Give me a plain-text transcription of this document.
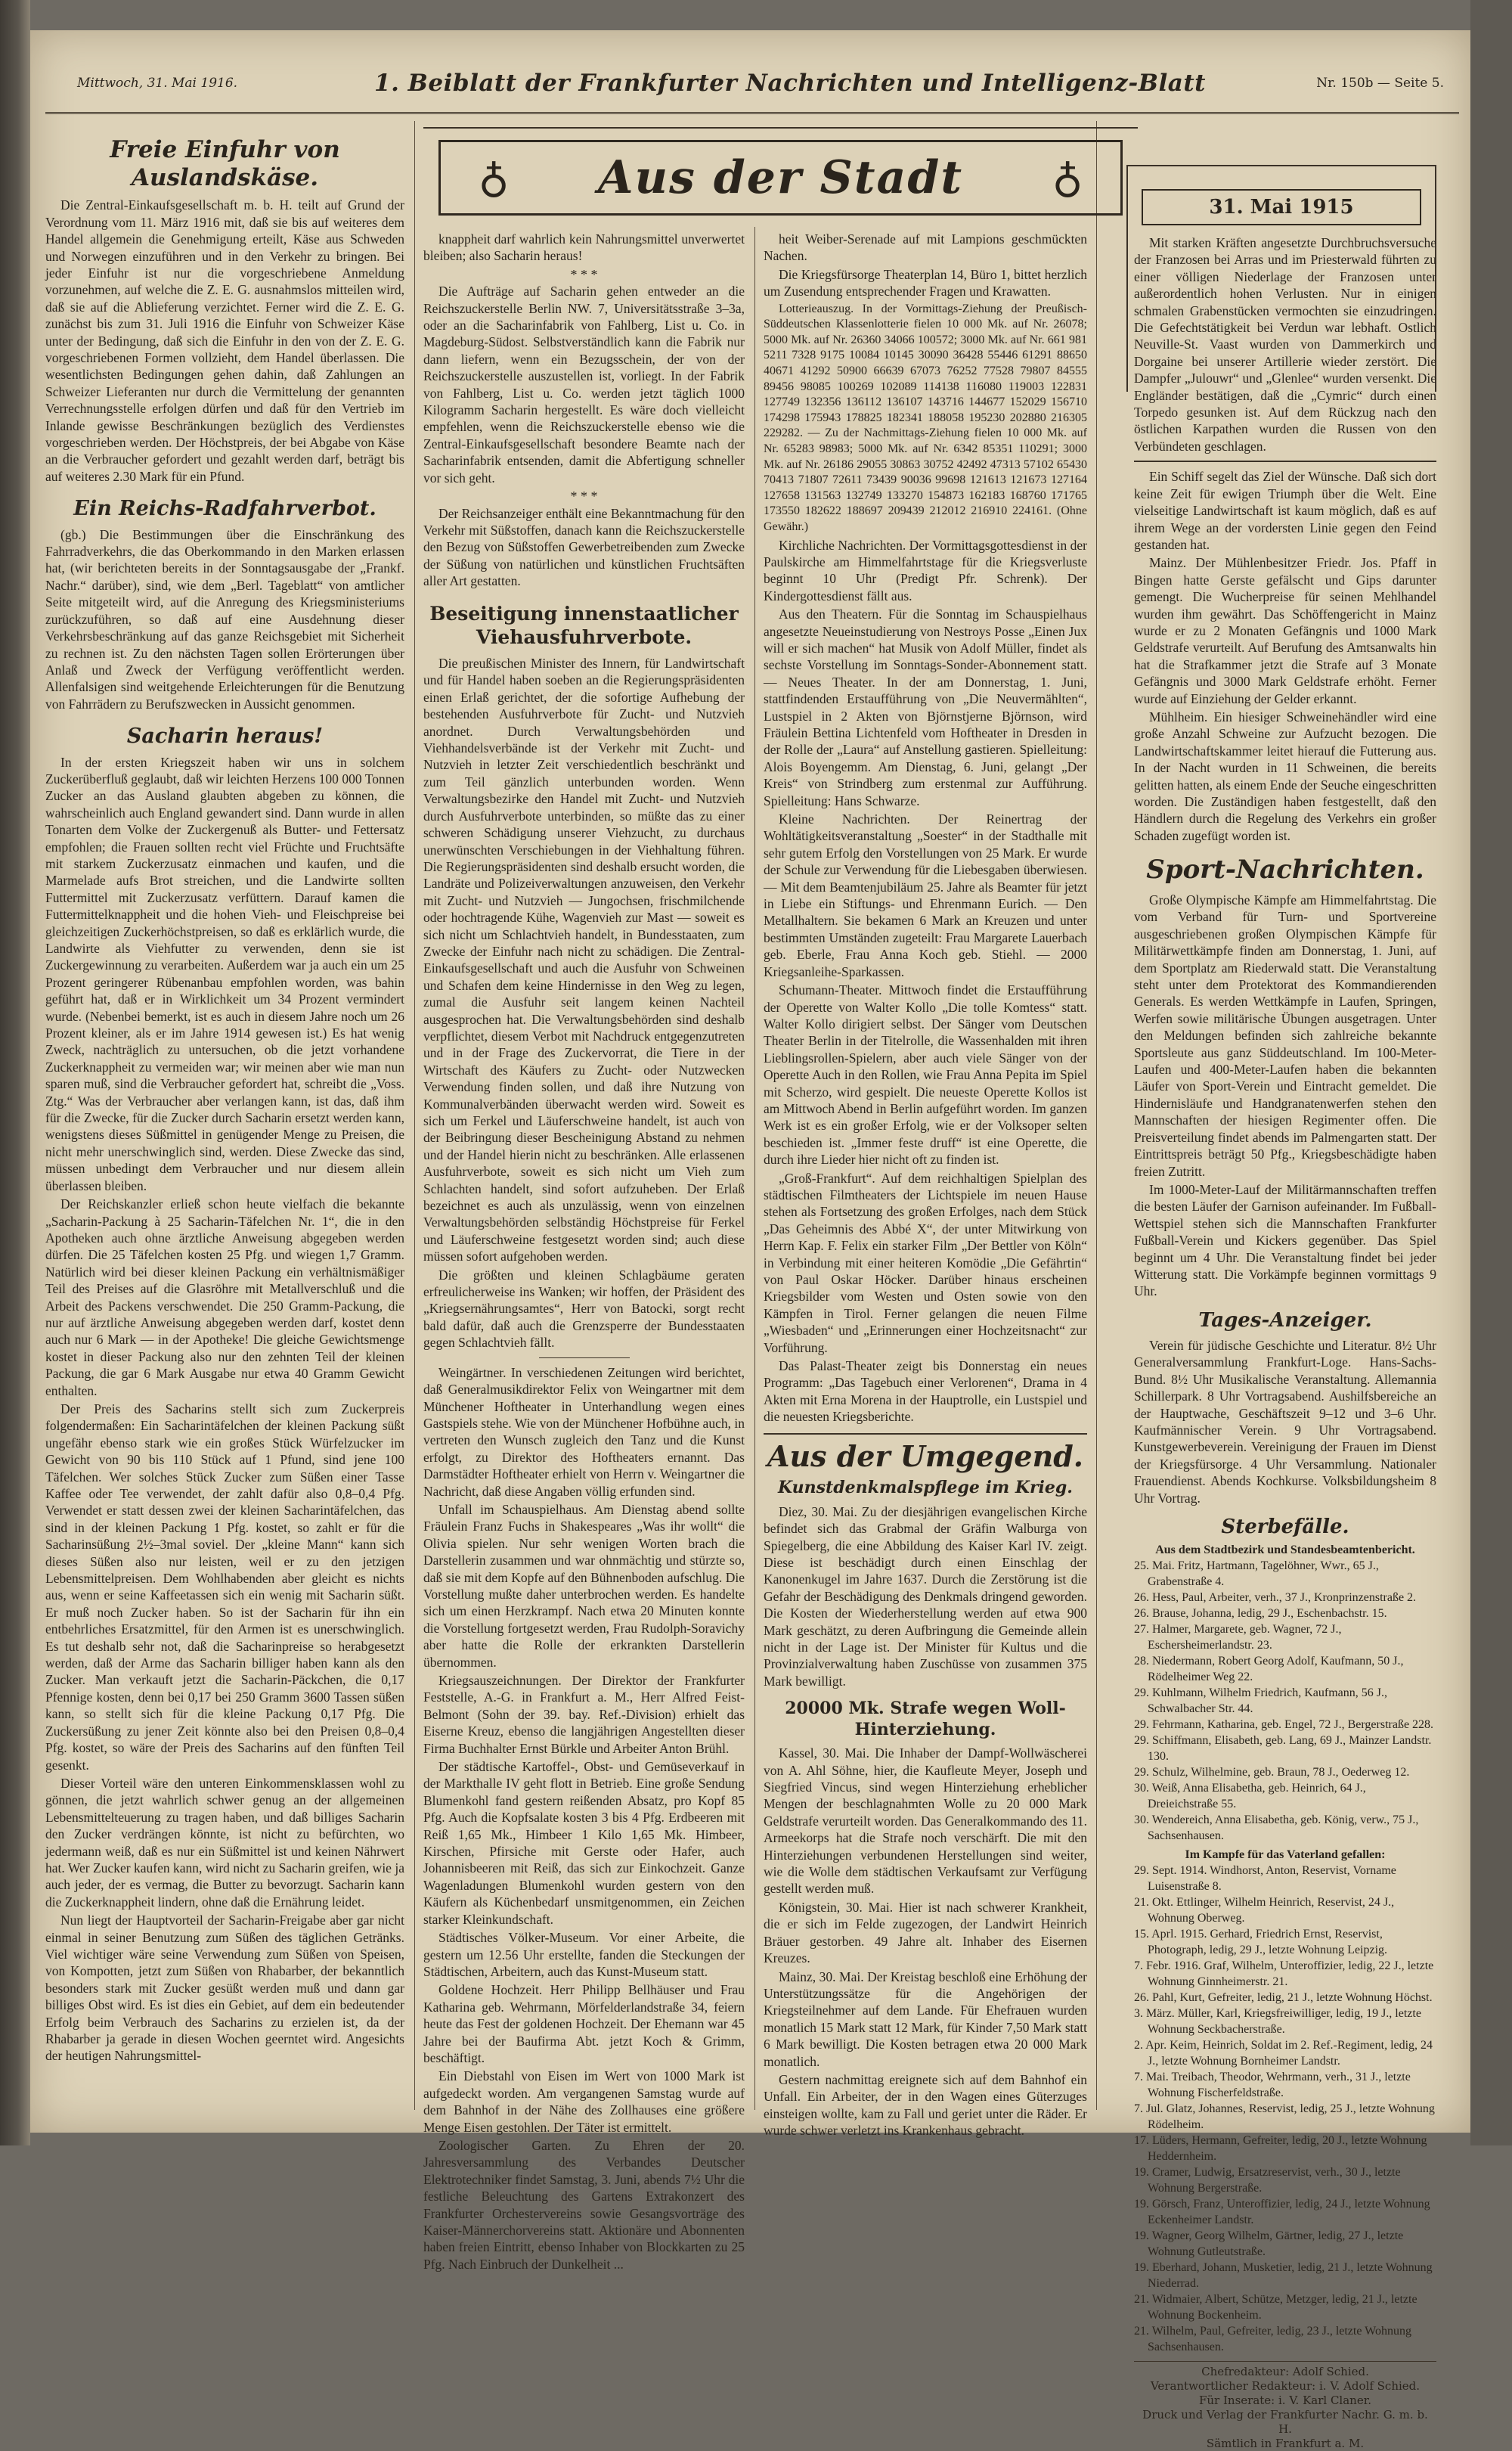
Mittwoch, 31. Mai 1916.	1. Beiblatt der Frankfurter Nachrichten und Intelligenz-Blatt	Nr. 150b — Seite 5.
♁	Aus der Stadt	♁
31. Mai 1915
Freie Einfuhr von Auslandskäse.

Die Zentral-Einkaufsgesellschaft m. b. H. teilt auf Grund der Verordnung vom 11. März 1916 mit, daß sie bis auf weiteres dem Handel allgemein die Genehmigung erteilt, Käse aus Schweden und Norwegen einzuführen und in den Verkehr zu bringen. Bei jeder Einfuhr ist nur die vorgeschriebene Anmeldung vorzunehmen, auf welche die Z. E. G. ausnahmslos mitteilen wird, daß sie auf die Ablieferung verzichtet. Ferner wird die Z. E. G. zunächst bis zum 31. Juli 1916 die Einfuhr von Schweizer Käse unter der Bedingung, daß sich die Einfuhr in den von der Z. E. G. vorgeschriebenen Formen vollzieht, dem Handel überlassen. Die wesentlichsten Bedingungen gehen dahin, daß Zahlungen an Schweizer Lieferanten nur durch die Vermittelung der genannten Verrechnungsstelle erfolgen dürfen und daß für den Vertrieb im Inlande gewisse Beschränkungen bezüglich des Verdienstes vorgeschrieben werden. Der Höchstpreis, der bei Abgabe von Käse an die Verbraucher gefordert und gezahlt werden darf, beträgt bis auf weiteres 2.30 Mark für ein Pfund.

Ein Reichs-Radfahrverbot.

(gb.) Die Bestimmungen über die Einschränkung des Fahrradverkehrs, die das Oberkommando in den Marken erlassen hat, (wir berichteten bereits in der Sonntagsausgabe der „Frankf. Nachr.“ darüber), sind, wie dem „Berl. Tageblatt“ von amtlicher Seite mitgeteilt wird, auf die Anregung des Kriegsministeriums zurückzuführen, so daß auf eine Ausdehnung dieser Verkehrsbeschränkung auf das ganze Reichsgebiet mit Sicherheit zu rechnen ist. Zu den nächsten Tagen sollen Erörterungen über Anlaß und Zweck der Verfügung veröffentlicht werden. Allenfalsigen sind weitgehende Erleichterungen für die Benutzung von Fahrrädern zu Berufszwecken in Aussicht genommen.

Sacharin heraus!

In der ersten Kriegszeit haben wir uns in solchem Zuckerüberfluß geglaubt, daß wir leichten Herzens 100 000 Tonnen Zucker an das Ausland glaubten abgeben zu können, die wahrscheinlich auch England gewandert sind. Dann wurde in allen Tonarten dem Volke der Zuckergenuß als Butter- und Fettersatz empfohlen; die Frauen sollten recht viel Früchte und Fruchtsäfte mit starkem Zuckerzusatz einmachen und kaufen, und die Marmelade aufs Brot streichen, und die Landwirte sollten Futtermittel mit Zuckerzusatz verfüttern. Darauf kamen die Futtermittelknappheit und die hohen Vieh- und Fleischpreise bei gleichzeitigen Zuckerhöchstpreisen, so daß es erklärlich wurde, die Landwirte als Viehfutter zu verwenden, denn sie ist Zuckergewinnung zu verarbeiten. Außerdem war ja auch ein um 25 Prozent geringerer Rübenanbau empfohlen worden, was bahin geführt hat, daß er in Wirklichkeit um 34 Prozent vermindert wurde. (Nebenbei bemerkt, ist es auch in diesem Jahre noch um 26 Prozent kleiner, als er im Jahre 1914 gewesen ist.) Es hat wenig Zweck, nachträglich zu untersuchen, ob die jetzt vorhandene Zuckerknappheit zu vermeiden war; wir meinen aber wie man nun sparen muß, sind die Verbraucher gefordert hat, schreibt die „Voss. Ztg.“ Was der Verbraucher aber verlangen kann, ist das, daß ihm für die Zwecke, für die Zucker durch Sacharin ersetzt werden kann, wenigstens dieses Süßmittel in genügender Menge zu Preisen, die nicht mehr unerschwinglich sind, werden. Diese Zwecke das sind, müssen unbedingt dem Verbraucher und nur diesem allein überlassen bleiben.

Der Reichskanzler erließ schon heute vielfach die bekannte „Sacharin-Packung à 25 Sacharin-Täfelchen Nr. 1“, die in den Apotheken auch ohne ärztliche Anweisung abgegeben werden dürfen. Die 25 Täfelchen kosten 25 Pfg. und wiegen 1,7 Gramm. Natürlich wird bei dieser kleinen Packung ein verhältnismäßiger Teil des Preises auf die Glasröhre mit Metallverschluß und die Arbeit des Packens verschwendet. Die 250 Gramm-Packung, die nur auf ärztliche Anweisung abgegeben werden darf, kostet denn auch nur 6 Mark — in der Apotheke! Die gleiche Gewichtsmenge kostet in dieser Packung also nur den zehnten Teil der kleinen Packung, die gar 6 Mark Ausgabe nur etwa 40 Gramm Gewicht enthalten.

Der Preis des Sacharins stellt sich zum Zuckerpreis folgendermaßen: Ein Sacharintäfelchen der kleinen Packung süßt ungefähr ebenso stark wie ein großes Stück Würfelzucker im Gewicht von 90 bis 110 Stück auf 1 Pfund, sind jene 100 Täfelchen. Wer solches Stück Zucker zum Süßen einer Tasse Kaffee oder Tee verwendet, der zahlt dafür also 0,8–0,4 Pfg. Verwendet er statt dessen zwei der kleinen Sacharintäfelchen, das sind in der kleinen Packung 1 Pfg. kostet, so zahlt er für die Sacharinsüßung 2½–3mal soviel. Der „kleine Mann“ kann sich dieses Süßen also nur leisten, weil er zu den jetzigen Lebensmittelpreisen. Dem Wohlhabenden aber gleicht es nichts aus, wenn er seine Kaffeetassen sich ein wenig mit Sacharin süßt. Er muß noch Zucker haben. So ist der Sacharin für ihn ein entbehrliches Ersatzmittel, für den Armen ist es unerschwinglich. Es tut deshalb sehr not, daß die Sacharinpreise so herabgesetzt werden, daß der Arme das Sacharin billiger haben kann als den Zucker. Man verkauft jetzt die Sacharin-Päckchen, die 0,17 Pfennige kosten, denn bei 0,17 bei 250 Gramm 3600 Tassen süßen kann, so stellt sich für die kleine Packung 0,17 Pfg. Die Zuckersüßung zu jener Zeit könnte also bei den Preisen 0,8–0,4 Pfg. kostet, so wäre der Preis des Sacharins auf den fünften Teil gesenkt.

Dieser Vorteil wäre den unteren Einkommensklassen wohl zu gönnen, die jetzt wahrlich schwer genug an der allgemeinen Lebensmittelteuerung zu tragen haben, und daß billiges Sacharin den Zucker verdrängen könnte, ist nicht zu befürchten, wo jedermann weiß, daß es nur ein Süßmittel ist und keinen Nährwert hat. Wer Zucker kaufen kann, wird nicht zu Sacharin greifen, wie ja auch jeder, der es vermag, die Butter zu bevorzugt. Sacharin kann die Zuckerknappheit lindern, ohne daß die Ernährung leidet.

Nun liegt der Hauptvorteil der Sacharin-Freigabe aber gar nicht einmal in seiner Benutzung zum Süßen des täglichen Getränks. Viel wichtiger wäre seine Verwendung zum Süßen von Speisen, von Kompotten, jetzt zum Süßen von Rhabarber, der bekanntlich besonders stark mit Zucker gesüßt werden muß und dann gar billiges Obst wird. Es ist dies ein Gebiet, auf dem ein bedeutender Erfolg beim Verbrauch des Sacharins zu erzielen ist, da der Rhabarber ja gerade in diesen Wochen geerntet wird. Angesichts der heutigen Nahrungsmittel-

knappheit darf wahrlich kein Nahrungsmittel unverwertet bleiben; also Sacharin heraus!

* * *

Die Aufträge auf Sacharin gehen entweder an die Reichszuckerstelle Berlin NW. 7, Universitätsstraße 3–3a, oder an die Sacharinfabrik von Fahlberg, List u. Co. in Magdeburg-Südost. Selbstverständlich kann die Fabrik nur dann liefern, wenn ein Bezugsschein, der von der Reichszuckerstelle auszustellen ist, vorliegt. In der Fabrik von Fahlberg, List u. Co. werden jetzt täglich 1000 Kilogramm Sacharin hergestellt. Es wäre doch vielleicht empfehlen, wenn die Reichszuckerstelle ebenso wie die Zentral-Einkaufsgesellschaft besondere Beamte nach der Sacharinfabrik entsenden, damit die Abfertigung schneller vor sich geht.

* * *

Der Reichsanzeiger enthält eine Bekanntmachung für den Verkehr mit Süßstoffen, danach kann die Reichszuckerstelle den Bezug von Süßstoffen Gewerbetreibenden zum Zwecke der Süßung von natürlichen und künstlichen Fruchtsäften aller Art gestatten.

Beseitigung innenstaatlicher Viehausfuhrverbote.

Die preußischen Minister des Innern, für Landwirtschaft und für Handel haben soeben an die Regierungspräsidenten einen Erlaß gerichtet, der die sofortige Aufhebung der bestehenden Ausfuhrverbote für Zucht- und Nutzvieh anordnet. Durch Verwaltungsbehörden und Viehhandelsverbände ist der Verkehr mit Zucht- und Nutzvieh in letzter Zeit verschiedentlich beschränkt und zum Teil gänzlich unterbunden worden. Wenn Verwaltungsbezirke den Handel mit Zucht- und Nutzvieh durch Ausfuhrverbote unterbinden, so müßte das zu einer schweren Schädigung unserer Viehzucht, zu durchaus unerwünschten Verschiebungen in der Viehhaltung führen. Die Regierungspräsidenten sind deshalb ersucht worden, die Landräte und Polizeiverwaltungen anzuweisen, den Verkehr mit Zucht- und Nutzvieh — Jungochsen, frischmilchende oder hochtragende Kühe, Wagenvieh zur Mast — soweit es sich nicht um Schlachtvieh handelt, in Bundesstaaten, zum Zwecke der Einfuhr nach nicht zu schädigen. Die Zentral-Einkaufsgesellschaft und auch die Ausfuhr von Schweinen und Schafen dem keine Hindernisse in den Weg zu legen, zumal die Ausfuhr seit langem keinen Nachteil ausgesprochen hat. Die Verwaltungsbehörden sind deshalb verpflichtet, diesem Verbot mit Nachdruck entgegenzutreten und in der Frage des Zuckervorrat, die Tiere in der Wirtschaft des Käufers zu Zucht- oder Nutzwecken Verwendung finden sollen, und daß ihre Nutzung von Kommunalverbänden überwacht werden wird. Soweit es sich um Ferkel und Läuferschweine handelt, ist auch von der Beibringung dieser Bescheinigung Abstand zu nehmen und der Handel hierin nicht zu beschränken. Alle erlassenen Ausfuhrverbote, soweit es sich nicht um Vieh zum Schlachten handelt, sind sofort aufzuheben. Der Erlaß bezeichnet es auch als unzulässig, wenn von einzelnen Verwaltungsbehörden selbständig Höchstpreise für Ferkel und Läuferschweine festgesetzt worden sind; auch diese müssen sofort aufgehoben werden.

Die größten und kleinen Schlagbäume geraten erfreulicherweise ins Wanken; wir hoffen, der Präsident des „Kriegsernährungsamtes“, Herr von Batocki, sorgt recht bald dafür, daß auch die Grenzsperre der Bundesstaaten gegen Schlachtvieh fällt.

Weingärtner. In verschiedenen Zeitungen wird berichtet, daß Generalmusikdirektor Felix von Weingartner mit dem Münchener Hoftheater in Unterhandlung wegen eines Gastspiels stehe. Wie von der Münchener Hofbühne auch, in vertreten den Wunsch zugleich den Tanz und die Kunst erfolgt, zu Direktor des Hoftheaters ernannt. Das Darmstädter Hoftheater erhielt von Herrn v. Weingartner die Nachricht, daß diese Angaben völlig erfunden sind.

Unfall im Schauspielhaus. Am Dienstag abend sollte Fräulein Franz Fuchs in Shakespeares „Was ihr wollt“ die Olivia spielen. Nur sehr wenigen Worten brach die Darstellerin zusammen und war ohnmächtig und stürzte so, daß sie mit dem Kopfe auf den Bühnenboden aufschlug. Die Vorstellung mußte daher unterbrochen werden. Es handelte sich um einen Herzkrampf. Nach etwa 20 Minuten konnte die Vorstellung fortgesetzt werden, Frau Rudolph-Soravichy aber hatte die Rolle der erkrankten Darstellerin übernommen.

Kriegsauszeichnungen. Der Direktor der Frankfurter Feststelle, A.-G. in Frankfurt a. M., Herr Alfred Feist-Belmont (Sohn der 39. bay. Ref.-Division) erhielt das Eiserne Kreuz, ebenso die langjährigen Angestellten dieser Firma Buchhalter Ernst Bürkle und Arbeiter Anton Brühl.

Der städtische Kartoffel-, Obst- und Gemüseverkauf in der Markthalle IV geht flott in Betrieb. Eine große Sendung Blumenkohl fand gestern reißenden Absatz, pro Kopf 85 Pfg. Auch die Kopfsalate kosten 3 bis 4 Pfg. Erdbeeren mit Reiß 1,65 Mk., Himbeer 1 Kilo 1,65 Mk. Himbeer, Kirschen, Pfirsiche mit Gerste oder Hafer, auch Johannisbeeren mit Reiß, das sich zur Einkochzeit. Ganze Wagenladungen Blumenkohl wurden gestern von den Käufern als Küchenbedarf unsmitgenommen, ein Zeichen starker Kleinkundschaft.

Städtisches Völker-Museum. Vor einer Arbeite, die gestern um 12.56 Uhr erstellte, fanden die Steckungen der Städtischen, Arbeitern, auch das Kunst-Museum statt.

Goldene Hochzeit. Herr Philipp Bellhäuser und Frau Katharina geb. Wehrmann, Mörfelderlandstraße 34, feiern heute das Fest der goldenen Hochzeit. Der Ehemann war 45 Jahre bei der Baufirma Abt. jetzt Koch & Grimm, beschäftigt.

Ein Diebstahl von Eisen im Wert von 1000 Mark ist aufgedeckt worden. Am vergangenen Samstag wurde auf dem Bahnhof in der Nähe des Zollhauses eine größere Menge Eisen gestohlen. Der Täter ist ermittelt.

Zoologischer Garten. Zu Ehren der 20. Jahresversammlung des Verbandes Deutscher Elektrotechniker findet Samstag, 3. Juni, abends 7½ Uhr die festliche Beleuchtung des Gartens Extrakonzert des Frankfurter Orchestervereins sowie Gesangsvorträge des Kaiser-Männerchorvereins statt. Aktionäre und Abonnenten haben freien Eintritt, ebenso Inhaber von Blockkarten zu 25 Pfg. Nach Einbruch der Dunkelheit ...

heit Weiber-Serenade auf mit Lampions geschmückten Nachen.

Die Kriegsfürsorge Theaterplan 14, Büro 1, bittet herzlich um Zusendung entsprechender Fragen und Krawatten.

Lotterieauszug. In der Vormittags-Ziehung der Preußisch-Süddeutschen Klassenlotterie fielen 10 000 Mk. auf Nr. 26078; 5000 Mk. auf Nr. 26360 34066 100572; 3000 Mk. auf Nr. 661 981 5211 7328 9175 10084 10145 30090 36428 55446 61291 88650 40671 41292 50900 66639 67073 76252 77528 79807 84555 89456 98085 100269 102089 114138 116080 119003 122831 127749 132356 136112 136107 143716 144677 152029 156710 174298 175943 178825 182341 188058 195230 202880 216305 229282. — Zu der Nachmittags-Ziehung fielen 10 000 Mk. auf Nr. 65283 98983; 5000 Mk. auf Nr. 6342 85351 110291; 3000 Mk. auf Nr. 26186 29055 30863 30752 42492 47313 57102 65430 70413 71807 72611 73439 90036 99698 121613 121673 127164 127658 131563 132749 133270 154873 162183 168760 171765 173550 182622 188697 209439 212012 216910 224161. (Ohne Gewähr.)

Kirchliche Nachrichten. Der Vormittagsgottesdienst in der Paulskirche am Himmelfahrtstage für die Kriegsverluste beginnt 10 Uhr (Predigt Pfr. Schrenk). Der Kindergottesdienst fällt aus.

Aus den Theatern. Für die Sonntag im Schauspielhaus angesetzte Neueinstudierung von Nestroys Posse „Einen Jux will er sich machen“ hat Musik von Adolf Müller, findet als sechste Vorstellung im Sonntags-Sonder-Abonnement statt. — Neues Theater. In der am Donnerstag, 1. Juni, stattfindenden Erstaufführung von „Die Neuvermählten“, Lustspiel in 2 Akten von Björnstjerne Björnson, wird Fräulein Bettina Lichtenfeld vom Hoftheater in Dresden in der Rolle der „Laura“ auf Anstellung gastieren. Spielleitung: Alois Boyengemm. Am Dienstag, 6. Juni, gelangt „Der Kreis“ von Strindberg zum erstenmal zur Aufführung. Spielleitung: Hans Schwarze.

Kleine Nachrichten. Der Reinertrag der Wohltätigkeitsveranstaltung „Soester“ in der Stadthalle mit sehr gutem Erfolg den Vorstellungen von 25 Mark. Er wurde der Schule zur Verwendung für die Liebesgaben überwiesen. — Mit dem Beamtenjubiläum 25. Jahre als Beamter für jetzt in Liebe ein Stiftungs- und Ehrenmann Eurich. — Den Metallhaltern. Sie bekamen 6 Mark an Kreuzen und unter bestimmten Umständen zugeteilt: Frau Margarete Lauerbach geb. Eberle, Frau Anna Koch geb. Stiehl. — 2000 Kriegsanleihe-Sparkassen.

Schumann-Theater. Mittwoch findet die Erstaufführung der Operette von Walter Kollo „Die tolle Komtess“ statt. Walter Kollo dirigiert selbst. Der Sänger vom Deutschen Theater Berlin in der Titelrolle, die Wassenhalden mit ihren Lieblingsrollen-Spielern, aber auch viele Sänger von der Operette Auch in den Rollen, wie Frau Anna Pepita im Spiel mit Scherzo, wird gespielt. Die neueste Operette Kollos ist am Mittwoch Abend in Berlin aufgeführt worden. Im ganzen Werk ist es ein großer Erfolg, wie er der Volksoper selten beschieden ist. „Immer feste druff“ ist eine Operette, die durch ihre Lieder hier nicht oft zu finden ist.

„Groß-Frankfurt“. Auf dem reichhaltigen Spielplan des städtischen Filmtheaters der Lichtspiele im neuen Hause stehen als Fortsetzung des großen Erfolges, nach dem Stück „Das Geheimnis des Abbé X“, der unter Mitwirkung von Herrn Kap. F. Felix ein starker Film „Der Bettler von Köln“ in Verbindung mit einer heiteren Komödie „Die Gefährtin“ von Paul Oskar Höcker. Darüber hinaus erscheinen Kriegsbilder vom Westen und Osten sowie von den Kämpfen in Tirol. Ferner gelangen die neuen Filme „Wiesbaden“ und „Erinnerungen einer Hochzeitsnacht“ zur Vorführung.

Das Palast-Theater zeigt bis Donnerstag ein neues Programm: „Das Tagebuch einer Verlorenen“, Drama in 4 Akten mit Erna Morena in der Hauptrolle, ein Lustspiel und die neuesten Kriegsberichte.

Aus der Umgegend.
Kunstdenkmalspflege im Krieg.

Diez, 30. Mai. Zu der diesjährigen evangelischen Kirche befindet sich das Grabmal der Gräfin Walburga von Spiegelberg, die eine Abbildung des Kaiser Karl IV. zeigt. Diese ist beschädigt durch einen Einschlag der Kanonenkugel im Jahre 1637. Durch die Zerstörung ist die Gefahr der Beschädigung des Denkmals dringend geworden. Die Kosten der Wiederherstellung werden auf etwa 900 Mark geschätzt, zu deren Aufbringung die Gemeinde allein nicht in der Lage ist. Der Minister für Kultus und die Provinzialverwaltung haben Zuschüsse von zusammen 375 Mark bewilligt.

20000 Mk. Strafe wegen Woll-Hinterziehung.

Kassel, 30. Mai. Die Inhaber der Dampf-Wollwäscherei von A. Ahl Söhne, hier, die Kaufleute Meyer, Joseph und Siegfried Vincus, sind wegen Hinterziehung erheblicher Mengen der beschlagnahmten Wolle zu 20 000 Mark Geldstrafe verurteilt worden. Das Generalkommando des 11. Armeekorps hat die Strafe noch verschärft. Die mit den Hinterziehungen verbundenen Herstellungen sind weiter, wie die Wolle dem städtischen Verkaufsamt zur Verfügung gestellt werden muß.

Königstein, 30. Mai. Hier ist nach schwerer Krankheit, die er sich im Felde zugezogen, der Landwirt Heinrich Bräuer gestorben. 49 Jahre alt. Inhaber des Eisernen Kreuzes.

Mainz, 30. Mai. Der Kreistag beschloß eine Erhöhung der Unterstützungssätze für die Angehörigen der Kriegsteilnehmer auf dem Lande. Für Ehefrauen wurden monatlich 15 Mark statt 12 Mark, für Kinder 7,50 Mark statt 6 Mark bewilligt. Die Kosten betragen etwa 20 000 Mark monatlich.

Gestern nachmittag ereignete sich auf dem Bahnhof ein Unfall. Ein Arbeiter, der in den Wagen eines Güterzuges einsteigen wollte, kam zu Fall und geriet unter die Räder. Er wurde schwer verletzt ins Krankenhaus gebracht.

Mit starken Kräften angesetzte Durchbruchsversuche der Franzosen bei Arras und im Priesterwald führten zu einer völligen Niederlage der Franzosen unter außerordentlich hohen Verlusten. Nur in einigen schmalen Grabenstücken vermochten sie einzudringen. Die Gefechtstätigkeit bei Verdun war lebhaft. Ostlich Neuville-St. Vaast wurden von Dammerkirch und Dorgaine bei unserer Artillerie wieder zerstört. Die Dampfer „Julouwr“ und „Glenlee“ wurden versenkt. Die Engländer bestätigen, daß die „Cymric“ durch einen Torpedo gesunken ist. Auf dem Rückzug nach den östlichen Karpathen wurden die Russen von den Verbündeten geschlagen.

Ein Schiff segelt das Ziel der Wünsche. Daß sich dort keine Zeit für ewigen Triumph über die Welt. Eine vielseitige Landwirtschaft ist kaum möglich, daß es auf ihrem Wege an der vordersten Linie gegen den Feind gestanden hat.

Mainz. Der Mühlenbesitzer Friedr. Jos. Pfaff in Bingen hatte Gerste gefälscht und Gips darunter gemengt. Die Wucherpreise für seinen Mehlhandel wurden ihm gewährt. Das Schöffengericht in Mainz wurde er zu 2 Monaten Gefängnis und 1000 Mark Geldstrafe verurteilt. Auf Berufung des Amtsanwalts hin hat die Strafkammer jetzt die Strafe auf 3 Monate Gefängnis und 3000 Mark Geldstrafe erhöht. Ferner wurde auf Einziehung der Gelder erkannt.

Mühlheim. Ein hiesiger Schweinehändler wird eine große Anzahl Schweine zur Aufzucht bezogen. Die Landwirtschaftskammer leitet hierauf die Futterung aus. In der Nacht wurden in 11 Schweinen, die bereits gelitten hatten, als einem Ende der Seuche eingeschritten worden. Die Zuständigen haben festgestellt, daß den Händlern durch die Regelung des Verkehrs ein großer Schaden zugefügt worden ist.

Sport-Nachrichten.

Große Olympische Kämpfe am Himmelfahrtstag. Die vom Verband für Turn- und Sportvereine ausgeschriebenen großen Olympischen Kämpfe für Militärwettkämpfe finden am Donnerstag, 1. Juni, auf dem Sportplatz am Riederwald statt. Die Veranstaltung steht unter dem Protektorat des Kommandierenden Generals. Es werden Wettkämpfe in Laufen, Springen, Werfen sowie militärische Übungen ausgetragen. Unter den Meldungen befinden sich zahlreiche bekannte Sportsleute aus ganz Süddeutschland. Im 100-Meter-Laufen und 400-Meter-Laufen haben die bekannten Läufer von Sport-Verein und Eintracht gemeldet. Die Hindernisläufe und Handgranatenwerfen stehen den Mannschaften der hiesigen Regimenter offen. Die Preisverteilung findet abends im Palmengarten statt. Der Eintrittspreis beträgt 50 Pfg., Kriegsbeschädigte haben freien Zutritt.

Im 1000-Meter-Lauf der Militärmannschaften treffen die besten Läufer der Garnison aufeinander. Im Fußball-Wettspiel stehen sich die Mannschaften Frankfurter Fußball-Verein und Kickers gegenüber. Das Spiel beginnt um 4 Uhr. Die Veranstaltung findet bei jeder Witterung statt. Die Vorkämpfe beginnen vormittags 9 Uhr.

Tages-Anzeiger.

Verein für jüdische Geschichte und Literatur. 8½ Uhr Generalversammlung Frankfurt-Loge. Hans-Sachs-Bund. 8½ Uhr Musikalische Veranstaltung. Allemannia Schillerpark. 8 Uhr Vortragsabend. Aushilfsbereiche an der Hauptwache, Geschäftszeit 9–12 und 3–6 Uhr. Kaufmännischer Verein. 9 Uhr Vortragsabend. Kunstgewerbeverein. Vereinigung der Frauen im Dienst der Kriegsfürsorge. 4 Uhr Versammlung. Nationaler Frauendienst. Abends Kochkurse. Volksbildungsheim 8 Uhr Vortrag.

Sterbefälle.
Aus dem Stadtbezirk und Standesbeamtenbericht.

25. Mai. Fritz, Hartmann, Tagelöhner, Wwr., 65 J., Grabenstraße 4.

26. Hess, Paul, Arbeiter, verh., 37 J., Kronprinzenstraße 2.

26. Brause, Johanna, ledig, 29 J., Eschenbachstr. 15.

27. Halmer, Margarete, geb. Wagner, 72 J., Eschersheimerlandstr. 23.

28. Niedermann, Robert Georg Adolf, Kaufmann, 50 J., Rödelheimer Weg 22.

29. Kuhlmann, Wilhelm Friedrich, Kaufmann, 56 J., Schwalbacher Str. 44.

29. Fehrmann, Katharina, geb. Engel, 72 J., Bergerstraße 228.

29. Schiffmann, Elisabeth, geb. Lang, 69 J., Mainzer Landstr. 130.

29. Schulz, Wilhelmine, geb. Braun, 78 J., Oederweg 12.

30. Weiß, Anna Elisabetha, geb. Heinrich, 64 J., Dreieichstraße 55.

30. Wendereich, Anna Elisabetha, geb. König, verw., 75 J., Sachsenhausen.

Im Kampfe für das Vaterland gefallen:

29. Sept. 1914. Windhorst, Anton, Reservist, Vorname Luisenstraße 8.

21. Okt. Ettlinger, Wilhelm Heinrich, Reservist, 24 J., Wohnung Oberweg.

15. Aprl. 1915. Gerhard, Friedrich Ernst, Reservist, Photograph, ledig, 29 J., letzte Wohnung Leipzig.

7. Febr. 1916. Graf, Wilhelm, Unteroffizier, ledig, 22 J., letzte Wohnung Ginnheimerstr. 21.

26. Pahl, Kurt, Gefreiter, ledig, 21 J., letzte Wohnung Höchst.

3. März. Müller, Karl, Kriegsfreiwilliger, ledig, 19 J., letzte Wohnung Seckbacherstraße.

2. Apr. Keim, Heinrich, Soldat im 2. Ref.-Regiment, ledig, 24 J., letzte Wohnung Bornheimer Landstr.

7. Mai. Treibach, Theodor, Wehrmann, verh., 31 J., letzte Wohnung Fischerfeldstraße.

7. Jul. Glatz, Johannes, Reservist, ledig, 25 J., letzte Wohnung Rödelheim.

17. Lüders, Hermann, Gefreiter, ledig, 20 J., letzte Wohnung Heddernheim.

19. Cramer, Ludwig, Ersatzreservist, verh., 30 J., letzte Wohnung Bergerstraße.

19. Görsch, Franz, Unteroffizier, ledig, 24 J., letzte Wohnung Eckenheimer Landstr.

19. Wagner, Georg Wilhelm, Gärtner, ledig, 27 J., letzte Wohnung Gutleutstraße.

19. Eberhard, Johann, Musketier, ledig, 21 J., letzte Wohnung Niederrad.

21. Widmaier, Albert, Schütze, Metzger, ledig, 21 J., letzte Wohnung Bockenheim.

21. Wilhelm, Paul, Gefreiter, ledig, 23 J., letzte Wohnung Sachsenhausen.

Chefredakteur: Adolf Schied.
Verantwortlicher Redakteur: i. V. Adolf Schied.
Für Inserate: i. V. Karl Claner.
Druck und Verlag der Frankfurter Nachr. G. m. b. H.
Sämtlich in Frankfurt a. M.
